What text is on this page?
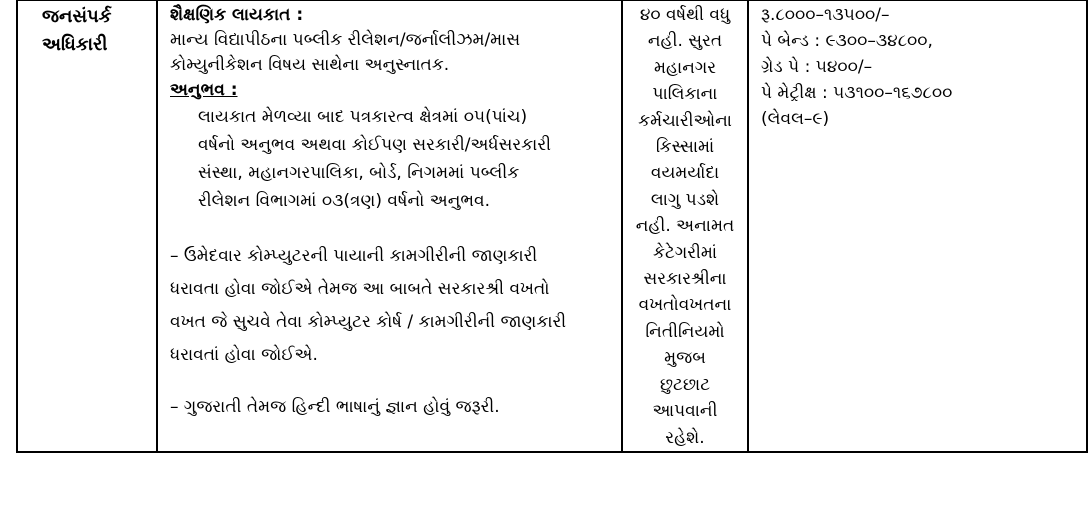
જનસંપર્ક
અધિકારી

શૈક્ષણિક લાયકાત :
માન્ય વિદ્યાપીઠના પબ્લીક રીલેશન/જર્નાલીઝમ/માસ
કોમ્યુનીકેશન વિષય સાથેના અનુસ્નાતક.
અનુભવ :
લાયકાત મેળવ્યા બાદ પત્રકારત્વ ક્ષેત્રમાં ૦૫(પાંચ)
વર્ષનો અનુભવ અથવા કોઈપણ સરકારી/અર્ધસરકારી
સંસ્થા, મહાનગરપાલિકા, બોર્ડ, નિગમમાં પબ્લીક
રીલેશન વિભાગમાં ૦૩(ત્રણ) વર્ષનો અનુભવ.
– ઉમેદવાર કોમ્પ્યુટરની પાયાની કામગીરીની જાણકારી
ધરાવતા હોવા જોઈએ તેમજ આ બાબતે સરકારશ્રી વખતો
વખત જે સુચવે તેવા કોમ્પ્યુટર કોર્ષ / કામગીરીની જાણકારી
ધરાવતાં હોવા જોઈએ.
– ગુજરાતી તેમજ હિન્દી ભાષાનું જ્ઞાન હોવું જરૂરી.

૪૦ વર્ષથી વધુ
નહી. સુરત
મહાનગર
પાલિકાના
કર્મચારીઓના
કિસ્સામાં
વયમર્યાદા
લાગુ પડશે
નહી. અનામત
કેટેગરીમાં
સરકારશ્રીના
વખતોવખતના
નિતીનિયમો
મુજબ
છુટછાટ
આપવાની
રહેશે.

રૂ.૮૦૦૦–૧૩૫૦૦/–
પે બેન્ડ : ૯૩૦૦–૩૪૮૦૦,
ગ્રેડ પે : ૫૪૦૦/–
પે મેટ્રીક્ષ : ૫૩૧૦૦–૧૬૭૮૦૦
(લેવલ–૯)
